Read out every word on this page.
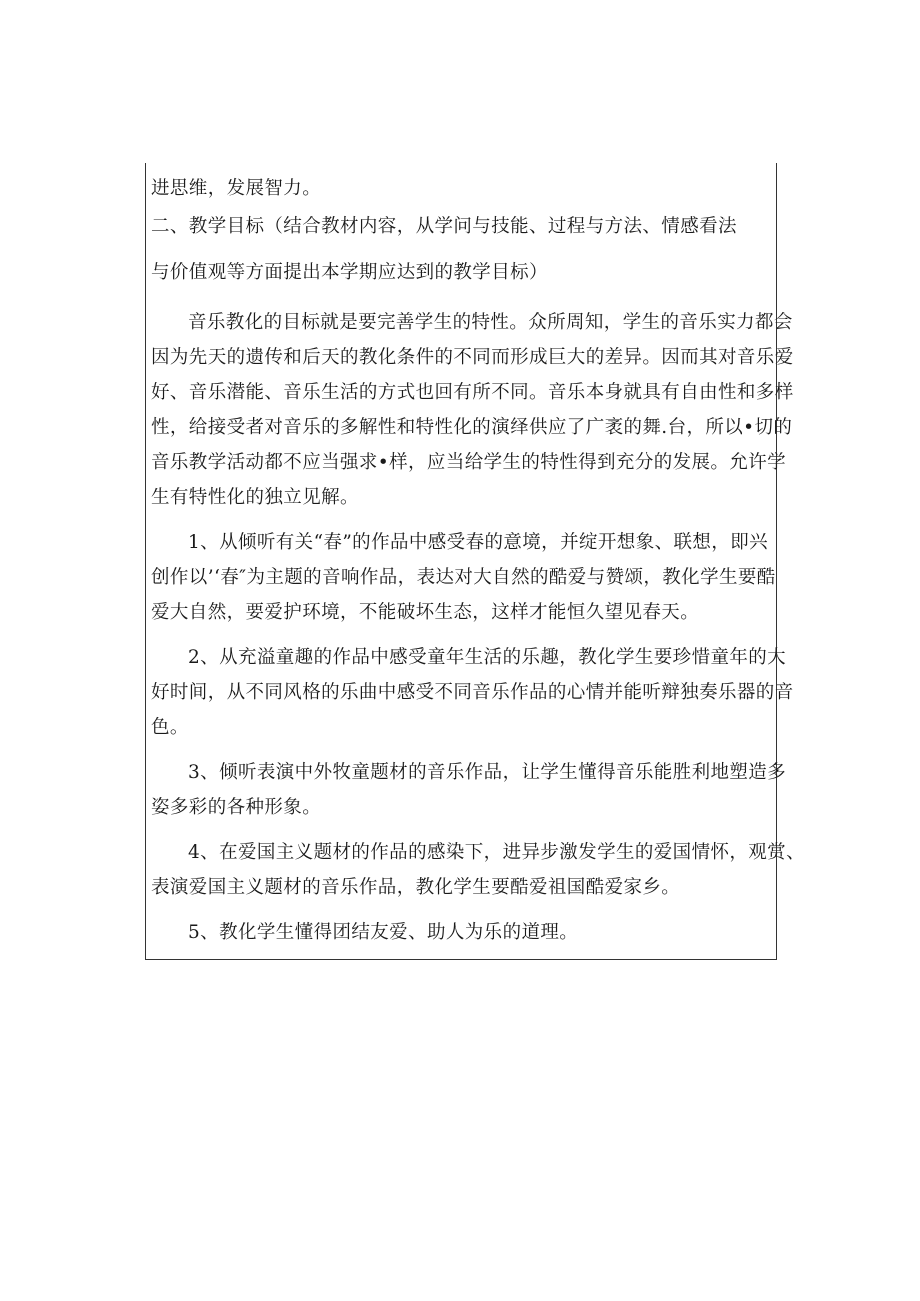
进思维，发展智力。
二、教学目标（结合教材内容，从学问与技能、过程与方法、情感看法
与价值观等方面提出本学期应达到的教学目标）
音乐教化的目标就是要完善学生的特性。众所周知，学生的音乐实力都会
因为先天的遗传和后天的教化条件的不同而形成巨大的差异。因而其对音乐爱
好、音乐潜能、音乐生活的方式也回有所不同。音乐本身就具有自由性和多样
性，给接受者对音乐的多解性和特性化的演绎供应了广袤的舞.台，所以•切的
音乐教学活动都不应当强求•样，应当给学生的特性得到充分的发展。允许学
生有特性化的独立见解。
1、从倾听有关“春”的作品中感受春的意境，并绽开想象、联想，即兴
创作以’‘春″为主题的音响作品，表达对大自然的酷爱与赞颂，教化学生要酷
爱大自然，要爱护环境，不能破坏生态，这样才能恒久望见春天。
2、从充溢童趣的作品中感受童年生活的乐趣，教化学生要珍惜童年的大
好时间，从不同风格的乐曲中感受不同音乐作品的心情并能听辩独奏乐器的音
色。
3、倾听表演中外牧童题材的音乐作品，让学生懂得音乐能胜利地塑造多
姿多彩的各种形象。
4、在爱国主义题材的作品的感染下，进异步激发学生的爱国情怀，观赏、
表演爱国主义题材的音乐作品，教化学生要酷爱祖国酷爱家乡。
5、教化学生懂得团结友爱、助人为乐的道理。
